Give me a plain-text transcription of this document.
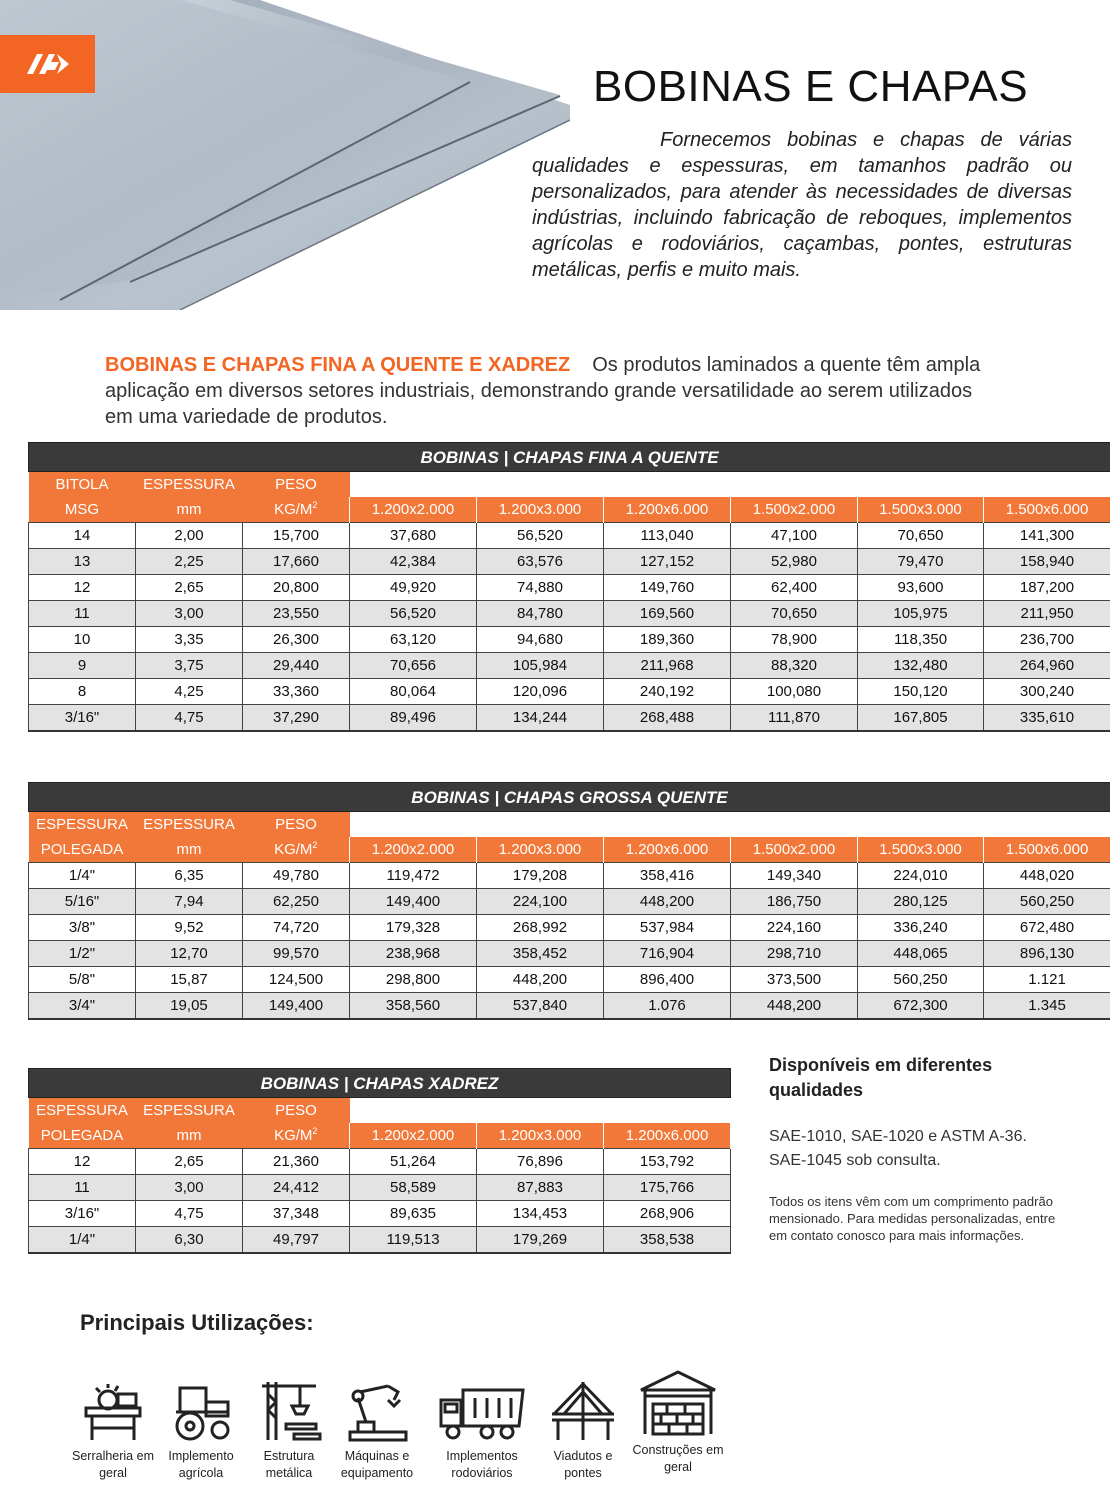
BOBINAS E CHAPAS
Fornecemos bobinas e chapas de várias qualidades e espessuras, em tamanhos padrão ou personalizados, para atender às necessidades de diversas indústrias, incluindo fabricação de reboques, implementos agrícolas e rodoviários, caçambas, pontes, estruturas metálicas, perfis e muito mais.
BOBINAS E CHAPAS FINA A QUENTE E XADREZ Os produtos laminados a quente têm ampla aplicação em diversos setores industriais, demonstrando grande versatilidade ao serem utilizados em uma variedade de produtos.
BOBINAS | CHAPAS FINA A QUENTE								
BITOLA	ESPESSURA	PESO						
MSG	mm	$KG/M^2$	1.200x2.000	1.200x3.000	1.200x6.000	1.500x2.000	1.500x3.000	1.500x6.000
14	2,00	15,700	37,680	56,520	113,040	47,100	70,650	141,300
13	2,25	17,660	42,384	63,576	127,152	52,980	79,470	158,940
12	2,65	20,800	49,920	74,880	149,760	62,400	93,600	187,200
11	3,00	23,550	56,520	84,780	169,560	70,650	105,975	211,950
10	3,35	26,300	63,120	94,680	189,360	78,900	118,350	236,700
9	3,75	29,440	70,656	105,984	211,968	88,320	132,480	264,960
8	4,25	33,360	80,064	120,096	240,192	100,080	150,120	300,240
3/16"	4,75	37,290	89,496	134,244	268,488	111,870	167,805	335,610
BOBINAS | CHAPAS GROSSA QUENTE								
ESPESSURA	ESPESSURA	PESO						
POLEGADA	mm	$KG/M^2$	1.200x2.000	1.200x3.000	1.200x6.000	1.500x2.000	1.500x3.000	1.500x6.000
1/4"	6,35	49,780	119,472	179,208	358,416	149,340	224,010	448,020
5/16"	7,94	62,250	149,400	224,100	448,200	186,750	280,125	560,250
3/8"	9,52	74,720	179,328	268,992	537,984	224,160	336,240	672,480
1/2"	12,70	99,570	238,968	358,452	716,904	298,710	448,065	896,130
5/8"	15,87	124,500	298,800	448,200	896,400	373,500	560,250	1.121
3/4"	19,05	149,400	358,560	537,840	1.076	448,200	672,300	1.345
BOBINAS | CHAPAS XADREZ					
ESPESSURA	ESPESSURA	PESO			
POLEGADA	mm	$KG/M^2$	1.200x2.000	1.200x3.000	1.200x6.000
12	2,65	21,360	51,264	76,896	153,792
11	3,00	24,412	58,589	87,883	175,766
3/16"	4,75	37,348	89,635	134,453	268,906
1/4"	6,30	49,797	119,513	179,269	358,538
Disponíveis em diferentes qualidades
SAE-1010, SAE-1020 e ASTM A-36. SAE-1045 sob consulta.
Todos os itens vêm com um comprimento padrão mensionado. Para medidas personalizadas, entre em contato conosco para mais informações.
Principais Utilizações:
Serralheria em geral
Implemento agrícola
Estrutura metálica
Máquinas e equipamento
Implementos rodoviários
Viadutos e pontes
Construções em geral
